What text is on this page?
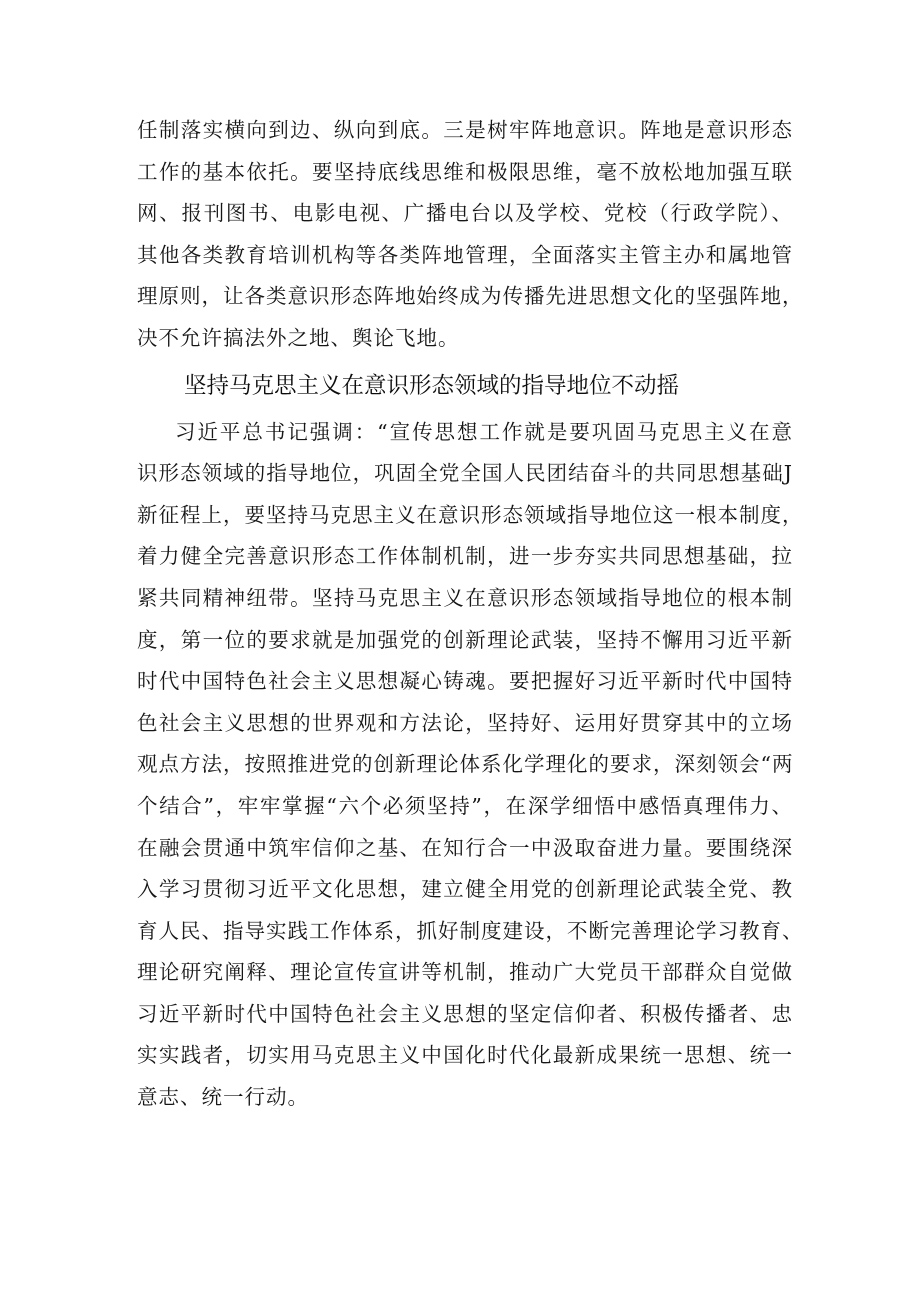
任制落实横向到边、纵向到底。三是树牢阵地意识。阵地是意识形态
工作的基本依托。要坚持底线思维和极限思维，毫不放松地加强互联
网、报刊图书、电影电视、广播电台以及学校、党校（行政学院）、
其他各类教育培训机构等各类阵地管理，全面落实主管主办和属地管
理原则，让各类意识形态阵地始终成为传播先进思想文化的坚强阵地，
决不允许搞法外之地、舆论飞地。
坚持马克思主义在意识形态领域的指导地位不动摇
习近平总书记强调：“宣传思想工作就是要巩固马克思主义在意
识形态领域的指导地位，巩固全党全国人民团结奋斗的共同思想基础J
新征程上，要坚持马克思主义在意识形态领域指导地位这一根本制度，
着力健全完善意识形态工作体制机制，进一步夯实共同思想基础，拉
紧共同精神纽带。坚持马克思主义在意识形态领域指导地位的根本制
度，第一位的要求就是加强党的创新理论武装，坚持不懈用习近平新
时代中国特色社会主义思想凝心铸魂。要把握好习近平新时代中国特
色社会主义思想的世界观和方法论，坚持好、运用好贯穿其中的立场
观点方法，按照推进党的创新理论体系化学理化的要求，深刻领会“两
个结合”，牢牢掌握“六个必须坚持”，在深学细悟中感悟真理伟力、
在融会贯通中筑牢信仰之基、在知行合一中汲取奋进力量。要围绕深
入学习贯彻习近平文化思想，建立健全用党的创新理论武装全党、教
育人民、指导实践工作体系，抓好制度建设，不断完善理论学习教育、
理论研究阐释、理论宣传宣讲等机制，推动广大党员干部群众自觉做
习近平新时代中国特色社会主义思想的坚定信仰者、积极传播者、忠
实实践者，切实用马克思主义中国化时代化最新成果统一思想、统一
意志、统一行动。
